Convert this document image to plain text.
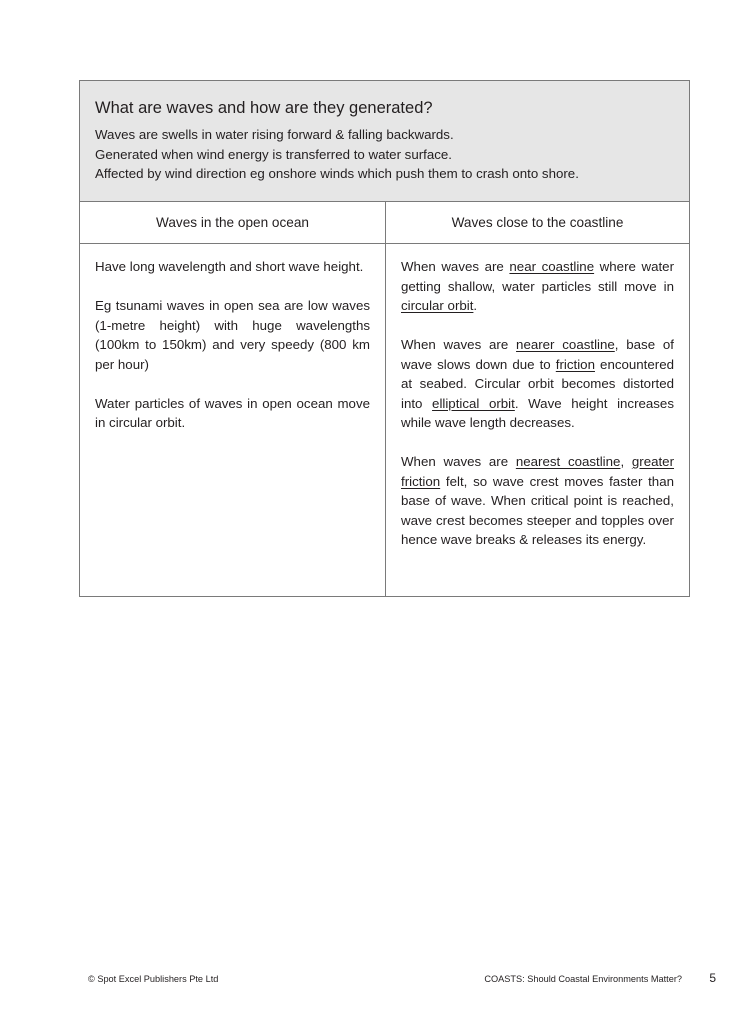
What are waves and how are they generated?

Waves are swells in water rising forward & falling backwards.

Generated when wind energy is transferred to water surface.

Affected by wind direction eg onshore winds which push them to crash onto shore.

Waves in the open ocean	Waves close to the coastline

Have long wavelength and short wave height.

Eg tsunami waves in open sea are low waves (1-metre height) with huge wavelengths (100km to 150km) and very speedy (800 km per hour)

Water particles of waves in open ocean move in circular orbit.

When waves are near coastline where water getting shallow, water particles still move in circular orbit.

When waves are nearer coastline, base of wave slows down due to friction encountered at seabed. Circular orbit becomes distorted into elliptical orbit. Wave height increases while wave length decreases.

When waves are nearest coastline, greater friction felt, so wave crest moves faster than base of wave. When critical point is reached, wave crest becomes steeper and topples over hence wave breaks & releases its energy.

© Spot Excel Publishers Pte Ltd	COASTS: Should Coastal Environments Matter? 5
